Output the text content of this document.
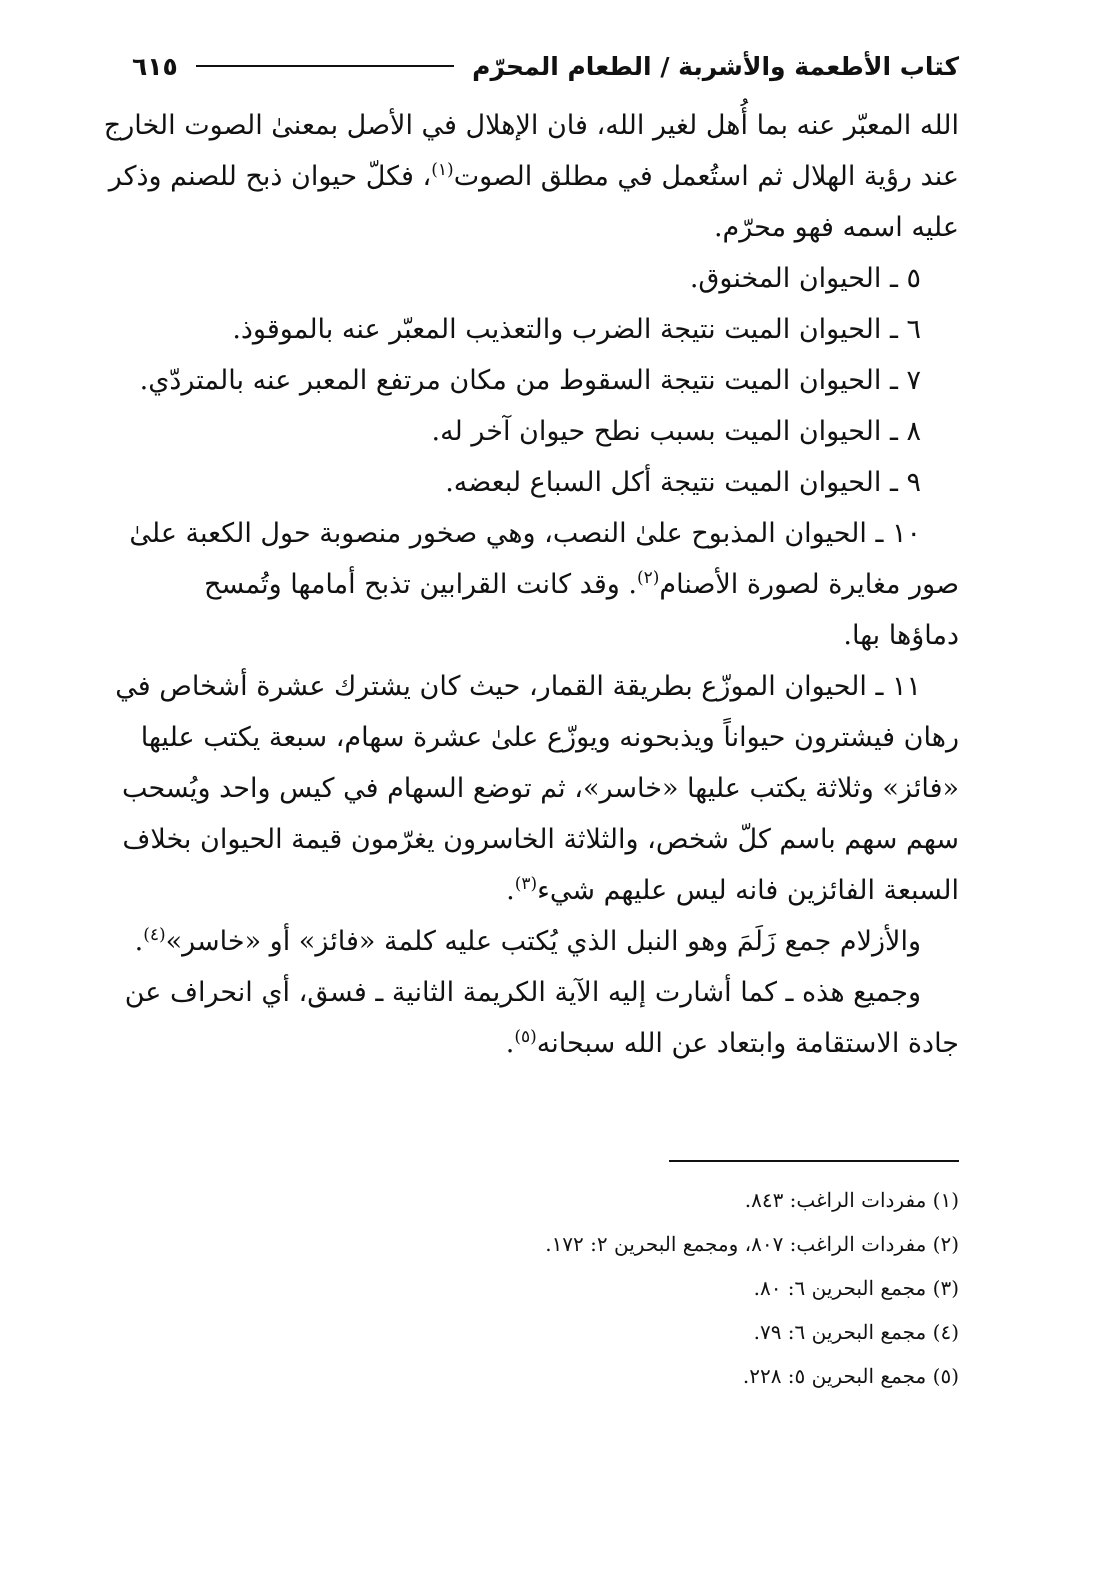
كتاب الأطعمة والأشربة / الطعام المحرّم
٦١٥

الله المعبّر عنه بما أُهل لغير الله، فان الإهلال في الأصل بمعنىٰ الصوت الخارج
عند رؤية الهلال ثم استُعمل في مطلق الصوت$^{(١)}$، فكلّ حيوان ذبح للصنم وذكر
عليه اسمه فهو محرّم.

٥ ـ الحيوان المخنوق.

٦ ـ الحيوان الميت نتيجة الضرب والتعذيب المعبّر عنه بالموقوذ.

٧ ـ الحيوان الميت نتيجة السقوط من مكان مرتفع المعبر عنه بالمتردّي.

٨ ـ الحيوان الميت بسبب نطح حيوان آخر له.

٩ ـ الحيوان الميت نتيجة أكل السباع لبعضه.

١٠ ـ الحيوان المذبوح علىٰ النصب، وهي صخور منصوبة حول الكعبة علىٰ
صور مغايرة لصورة الأصنام$^{(٢)}$. وقد كانت القرابين تذبح أمامها وتُمسح
دماؤها بها.

١١ ـ الحيوان الموزّع بطريقة القمار، حيث كان يشترك عشرة أشخاص في
رهان فيشترون حيواناً ويذبحونه ويوزّع علىٰ عشرة سهام، سبعة يكتب عليها
«فائز» وثلاثة يكتب عليها «خاسر»، ثم توضع السهام في كيس واحد ويُسحب
سهم سهم باسم كلّ شخص، والثلاثة الخاسرون يغرّمون قيمة الحيوان بخلاف
السبعة الفائزين فانه ليس عليهم شيء$^{(٣)}$.

والأزلام جمع زَلَمَ وهو النبل الذي يُكتب عليه كلمة «فائز» أو «خاسر»$^{(٤)}$.

وجميع هذه ـ كما أشارت إليه الآية الكريمة الثانية ـ فسق، أي انحراف عن
جادة الاستقامة وابتعاد عن الله سبحانه$^{(٥)}$.

(١) مفردات الراغب: ٨٤٣.
(٢) مفردات الراغب: ٨٠٧، ومجمع البحرين ٢: ١٧٢.
(٣) مجمع البحرين ٦: ٨٠.
(٤) مجمع البحرين ٦: ٧٩.
(٥) مجمع البحرين ٥: ٢٢٨.
